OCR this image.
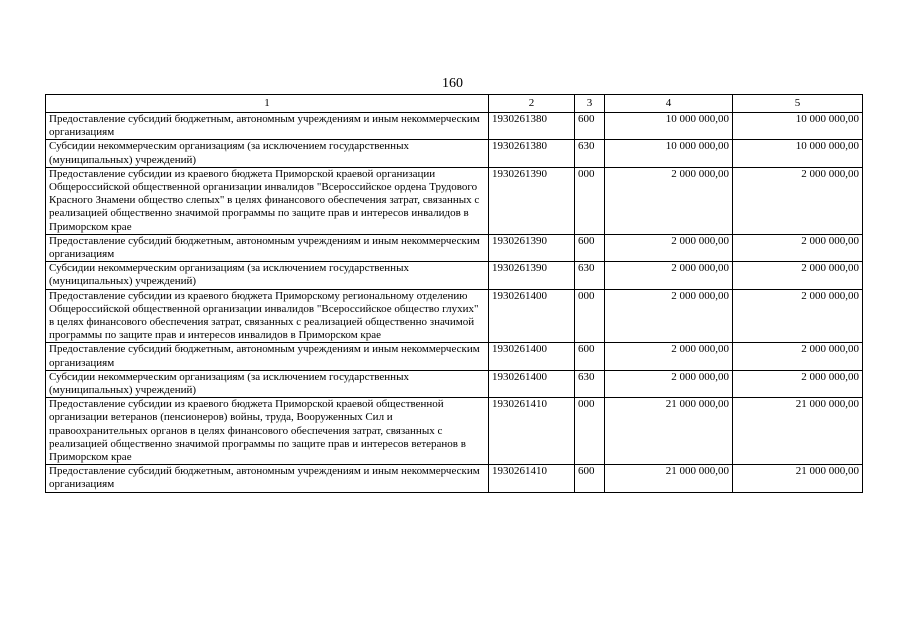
160
1	2	3	4	5
Предоставление субсидий бюджетным, автономным учреждениям и иным некоммерческим организациям	1930261380	600	10 000 000,00	10 000 000,00
Субсидии некоммерческим организациям (за исключением государственных (муниципальных) учреждений)	1930261380	630	10 000 000,00	10 000 000,00
Предоставление субсидии из краевого бюджета Приморской краевой организации Общероссийской общественной организации инвалидов "Всероссийское ордена Трудового Красного Знамени общество слепых" в целях финансового обеспечения затрат, связанных с реализацией общественно значимой программы по защите прав и интересов инвалидов в Приморском крае	1930261390	000	2 000 000,00	2 000 000,00
Предоставление субсидий бюджетным, автономным учреждениям и иным некоммерческим организациям	1930261390	600	2 000 000,00	2 000 000,00
Субсидии некоммерческим организациям (за исключением государственных (муниципальных) учреждений)	1930261390	630	2 000 000,00	2 000 000,00
Предоставление субсидии из краевого бюджета Приморскому региональному отделению Общероссийской общественной организации инвалидов "Всероссийское общество глухих" в целях финансового обеспечения затрат, связанных с реализацией общественно значимой программы по защите прав и интересов инвалидов в Приморском крае	1930261400	000	2 000 000,00	2 000 000,00
Предоставление субсидий бюджетным, автономным учреждениям и иным некоммерческим организациям	1930261400	600	2 000 000,00	2 000 000,00
Субсидии некоммерческим организациям (за исключением государственных (муниципальных) учреждений)	1930261400	630	2 000 000,00	2 000 000,00
Предоставление субсидии из краевого бюджета Приморской краевой общественной организации ветеранов (пенсионеров) войны, труда, Вооруженных Сил и правоохранительных органов в целях финансового обеспечения затрат, связанных с реализацией общественно значимой программы по защите прав и интересов ветеранов в Приморском крае	1930261410	000	21 000 000,00	21 000 000,00
Предоставление субсидий бюджетным, автономным учреждениям и иным некоммерческим организациям	1930261410	600	21 000 000,00	21 000 000,00
